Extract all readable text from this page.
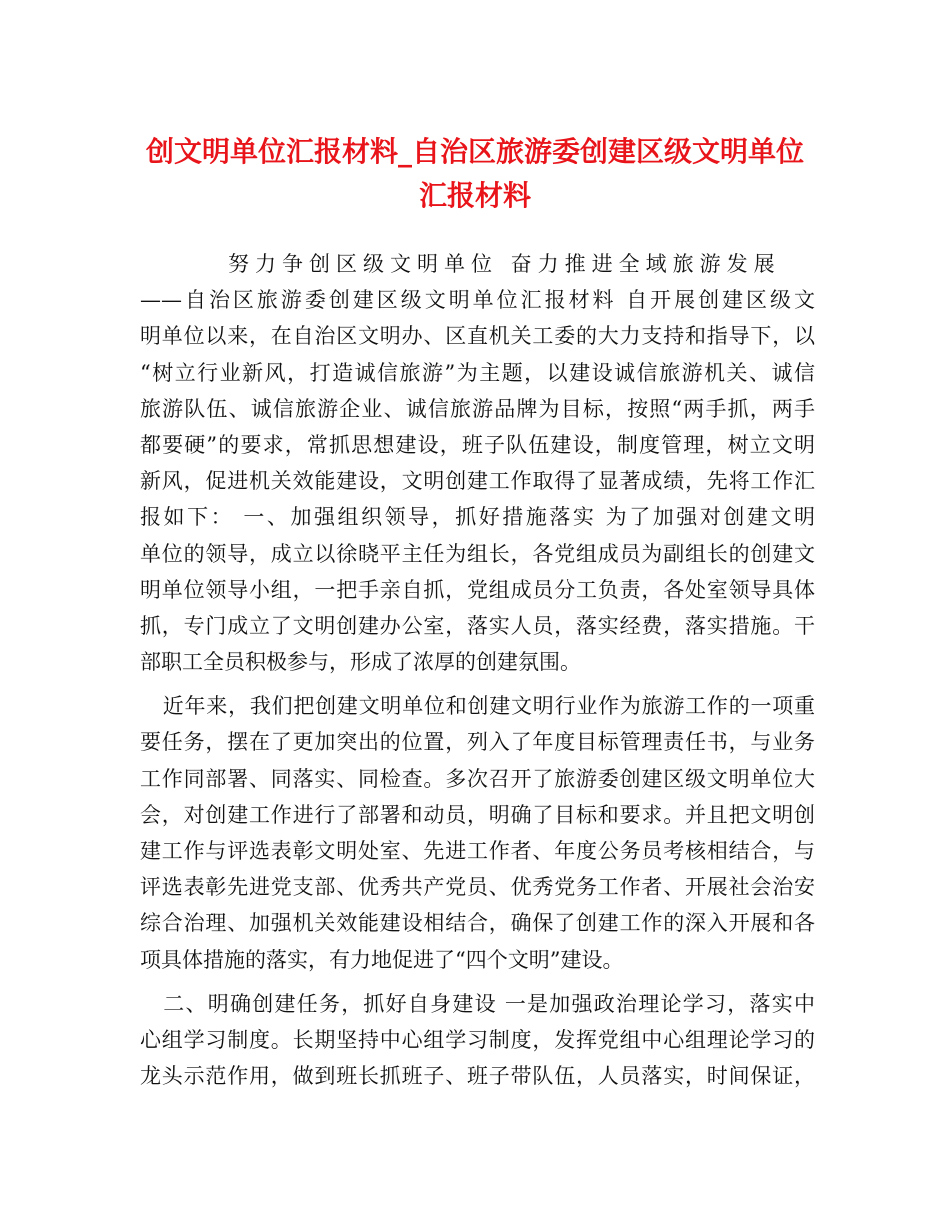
创文明单位汇报材料_自治区旅游委创建区级文明单位
汇报材料
努力争创区级文明单位 奋力推进全域旅游发展
——自治区旅游委创建区级文明单位汇报材料 自开展创建区级文
明单位以来，在自治区文明办、区直机关工委的大力支持和指导下，以
“树立行业新风，打造诚信旅游”为主题，以建设诚信旅游机关、诚信
旅游队伍、诚信旅游企业、诚信旅游品牌为目标，按照“两手抓，两手
都要硬”的要求，常抓思想建设，班子队伍建设，制度管理，树立文明
新风，促进机关效能建设，文明创建工作取得了显著成绩，先将工作汇
报如下： 一、加强组织领导，抓好措施落实 为了加强对创建文明
单位的领导，成立以徐晓平主任为组长，各党组成员为副组长的创建文
明单位领导小组，一把手亲自抓，党组成员分工负责，各处室领导具体
抓，专门成立了文明创建办公室，落实人员，落实经费，落实措施。干
部职工全员积极参与，形成了浓厚的创建氛围。
近年来，我们把创建文明单位和创建文明行业作为旅游工作的一项重
要任务，摆在了更加突出的位置，列入了年度目标管理责任书，与业务
工作同部署、同落实、同检查。多次召开了旅游委创建区级文明单位大
会，对创建工作进行了部署和动员，明确了目标和要求。并且把文明创
建工作与评选表彰文明处室、先进工作者、年度公务员考核相结合，与
评选表彰先进党支部、优秀共产党员、优秀党务工作者、开展社会治安
综合治理、加强机关效能建设相结合，确保了创建工作的深入开展和各
项具体措施的落实，有力地促进了“四个文明”建设。
二、明确创建任务，抓好自身建设 一是加强政治理论学习，落实中
心组学习制度。长期坚持中心组学习制度，发挥党组中心组理论学习的
龙头示范作用，做到班长抓班子、班子带队伍，人员落实，时间保证，
